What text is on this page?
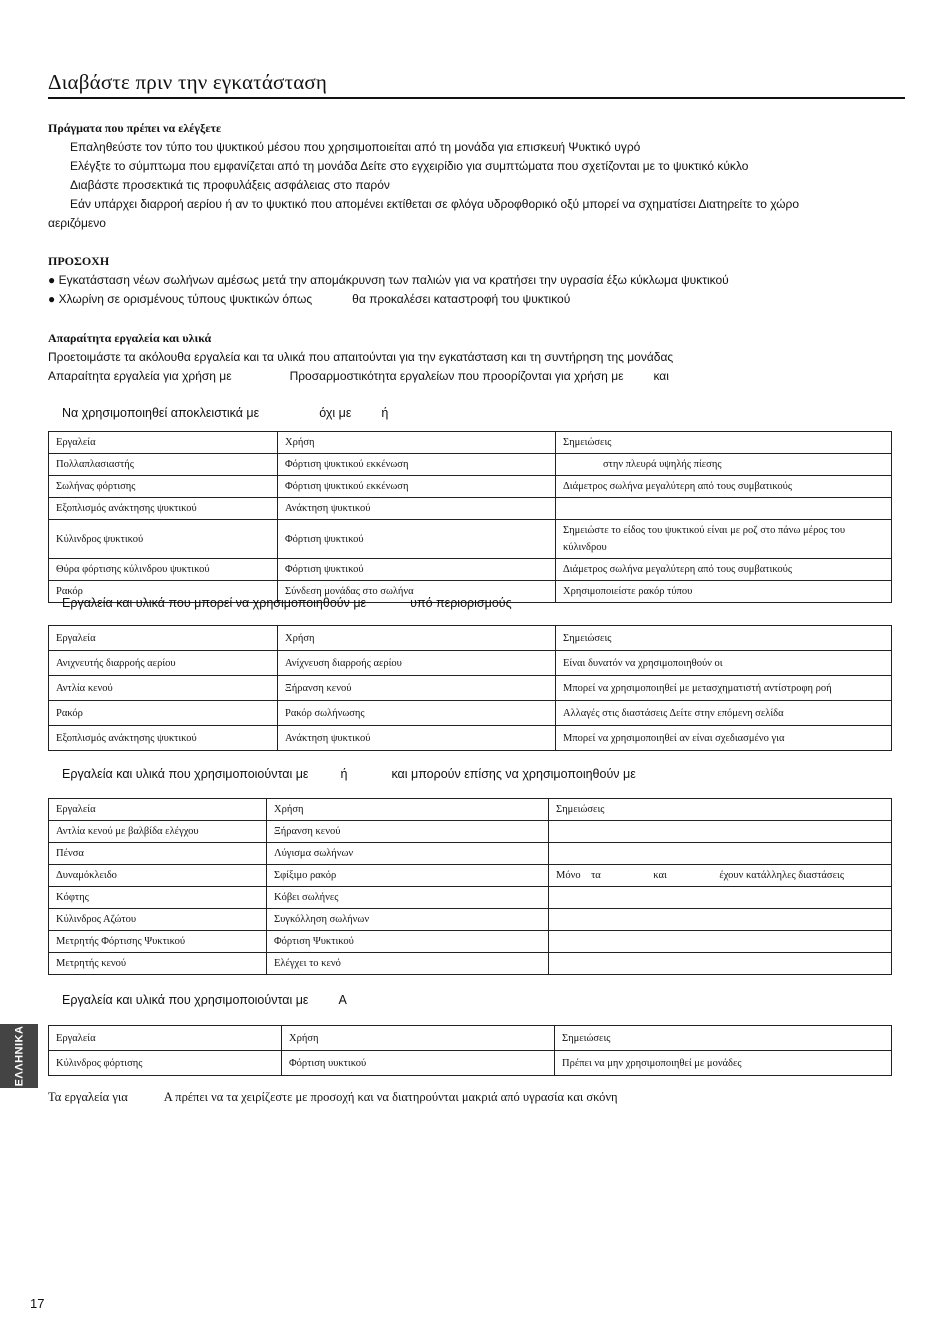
Διαβάστε πριν την εγκατάσταση
Πράγματα που πρέπει να ελέγξετε
Επαληθεύστε τον τύπο του ψυκτικού μέσου που χρησιμοποιείται από τη μονάδα για επισκευή Ψυκτικό υγρό
Ελέγξτε το σύμπτωμα που εμφανίζεται από τη μονάδα Δείτε στο εγχειρίδιο για συμπτώματα που σχετίζονται με το ψυκτικό κύκλο
Διαβάστε προσεκτικά τις προφυλάξεις ασφάλειας στο παρόν
Εάν υπάρχει διαρροή αερίου ή αν το ψυκτικό που απομένει εκτίθεται σε φλόγα υδροφθορικό οξύ μπορεί να σχηματίσει Διατηρείτε το χώρο
αεριζόμενο
ΠΡΟΣΟΧΗ
● Εγκατάσταση νέων σωλήνων αμέσως μετά την απομάκρυνση των παλιών για να κρατήσει την υγρασία έξω κύκλωμα ψυκτικού
● Χλωρίνη σε ορισμένους τύπους ψυκτικών όπως	θα προκαλέσει καταστροφή του ψυκτικού
Απαραίτητα εργαλεία και υλικά
Προετοιμάστε τα ακόλουθα εργαλεία και τα υλικά που απαιτούνται για την εγκατάσταση και τη συντήρηση της μονάδας
Απαραίτητα εργαλεία για χρήση με	Προσαρμοστικότητα εργαλείων που προορίζονται για χρήση με	και
Να χρησιμοποιηθεί αποκλειστικά με	όχι με ή
Εργαλεία	Χρήση	Σημειώσεις
Πολλαπλασιαστής	Φόρτιση ψυκτικού εκκένωση	στην πλευρά υψηλής πίεσης
Σωλήνας φόρτισης	Φόρτιση ψυκτικού εκκένωση	Διάμετρος σωλήνα μεγαλύτερη από τους συμβατικούς
Εξοπλισμός ανάκτησης ψυκτικού	Ανάκτηση ψυκτικού	
Κύλινδρος ψυκτικού	Φόρτιση ψυκτικού	Σημειώστε το είδος του ψυκτικού είναι με ροζ στο πάνω μέρος του κύλινδρου
Θύρα φόρτισης κύλινδρου ψυκτικού	Φόρτιση ψυκτικού	Διάμετρος σωλήνα μεγαλύτερη από τους συμβατικούς
Ρακόρ	Σύνδεση μονάδας στο σωλήνα	Χρησιμοποιείστε ρακόρ τύπου
Εργαλεία και υλικά που μπορεί να χρησιμοποιηθούν με	υπό περιορισμούς
Εργαλεία	Χρήση	Σημειώσεις
Ανιχνευτής διαρροής αερίου	Ανίχνευση διαρροής αερίου	Είναι δυνατόν να χρησιμοποιηθούν οι
Αντλία κενού	Ξήρανση κενού	Μπορεί να χρησιμοποιηθεί με μετασχηματιστή αντίστροφη ροή
Ρακόρ	Ρακόρ σωλήνωσης	Αλλαγές στις διαστάσεις Δείτε στην επόμενη σελίδα
Εξοπλισμός ανάκτησης ψυκτικού	Ανάκτηση ψυκτικού	Μπορεί να χρησιμοποιηθεί αν είναι σχεδιασμένο για
Εργαλεία και υλικά που χρησιμοποιούνται με	ή	και μπορούν επίσης να χρησιμοποιηθούν με
Εργαλεία	Χρήση	Σημειώσεις
Αντλία κενού με βαλβίδα ελέγχου	Ξήρανση κενού	
Πένσα	Λύγισμα σωλήνων	
Δυναμόκλειδο	Σφίξιμο ρακόρ	Μόνο    τα                    και                    έχουν κατάλληλες διαστάσεις
Κόφτης	Κόβει σωλήνες	
Κύλινδρος Αζώτου	Συγκόλληση σωλήνων	
Μετρητής Φόρτισης Ψυκτικού	Φόρτιση Ψυκτικού	
Μετρητής κενού	Ελέγχει το κενό	
Εργαλεία και υλικά που χρησιμοποιούνται με Α
Εργαλεία	Χρήση	Σημειώσεις
Κύλινδρος φόρτισης	Φόρτιση υυκτικού	Πρέπει να μην χρησιμοποιηθεί με μονάδες
Τα εργαλεία για	Α πρέπει να τα χειρίζεστε με προσοχή και να διατηρούνται μακριά από υγρασία και σκόνη
ΕΛΛΗΝΙΚΑ
17
